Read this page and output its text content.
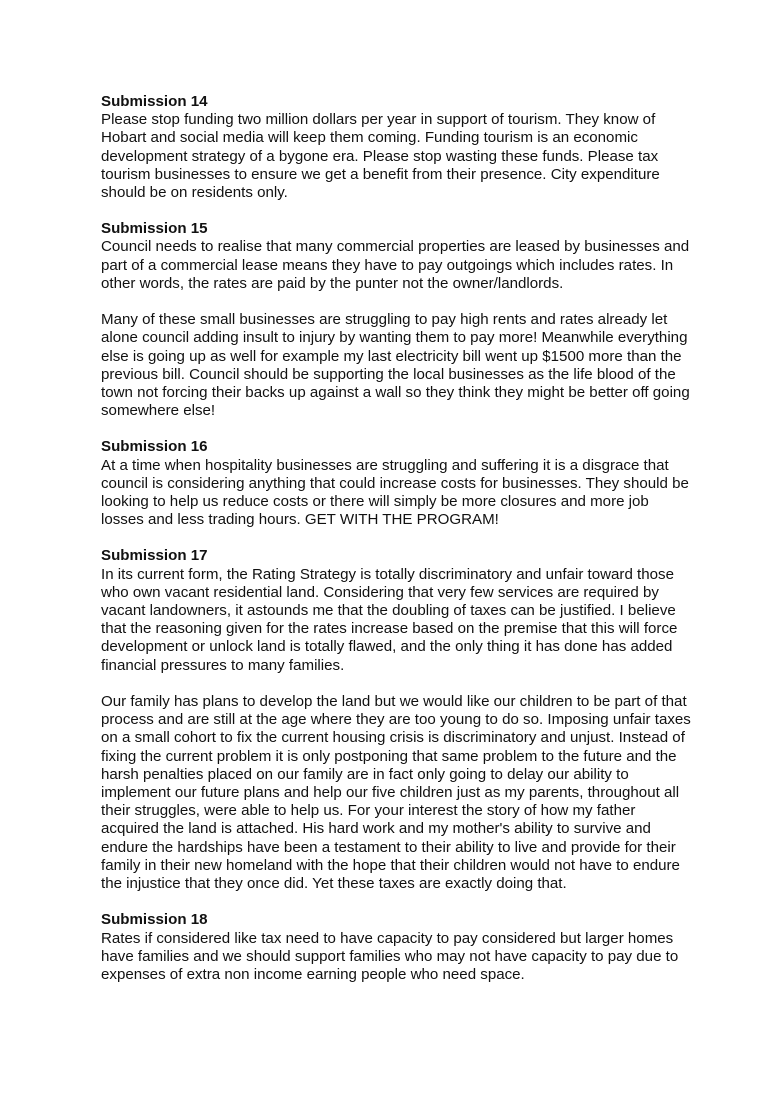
Submission 14

Please stop funding two million dollars per year in support of tourism. They know of Hobart and social media will keep them coming. Funding tourism is an economic development strategy of a bygone era. Please stop wasting these funds. Please tax tourism businesses to ensure we get a benefit from their presence. City expenditure should be on residents only.

Submission 15

Council needs to realise that many commercial properties are leased by businesses and part of a commercial lease means they have to pay outgoings which includes rates. In other words, the rates are paid by the punter not the owner/landlords.

Many of these small businesses are struggling to pay high rents and rates already let alone council adding insult to injury by wanting them to pay more! Meanwhile everything else is going up as well for example my last electricity bill went up $1500 more than the previous bill. Council should be supporting the local businesses as the life blood of the town not forcing their backs up against a wall so they think they might be better off going somewhere else!

Submission 16

At a time when hospitality businesses are struggling and suffering it is a disgrace that council is considering anything that could increase costs for businesses. They should be looking to help us reduce costs or there will simply be more closures and more job losses and less trading hours. GET WITH THE PROGRAM!

Submission 17

In its current form, the Rating Strategy is totally discriminatory and unfair toward those who own vacant residential land. Considering that very few services are required by vacant landowners, it astounds me that the doubling of taxes can be justified. I believe that the reasoning given for the rates increase based on the premise that this will force development or unlock land is totally flawed, and the only thing it has done has added financial pressures to many families.

Our family has plans to develop the land but we would like our children to be part of that process and are still at the age where they are too young to do so. Imposing unfair taxes on a small cohort to fix the current housing crisis is discriminatory and unjust. Instead of fixing the current problem it is only postponing that same problem to the future and the harsh penalties placed on our family are in fact only going to delay our ability to implement our future plans and help our five children just as my parents, throughout all their struggles, were able to help us. For your interest the story of how my father acquired the land is attached. His hard work and my mother's ability to survive and endure the hardships have been a testament to their ability to live and provide for their family in their new homeland with the hope that their children would not have to endure the injustice that they once did. Yet these taxes are exactly doing that.

Submission 18

Rates if considered like tax need to have capacity to pay considered but larger homes have families and we should support families who may not have capacity to pay due to expenses of extra non income earning people who need space.
